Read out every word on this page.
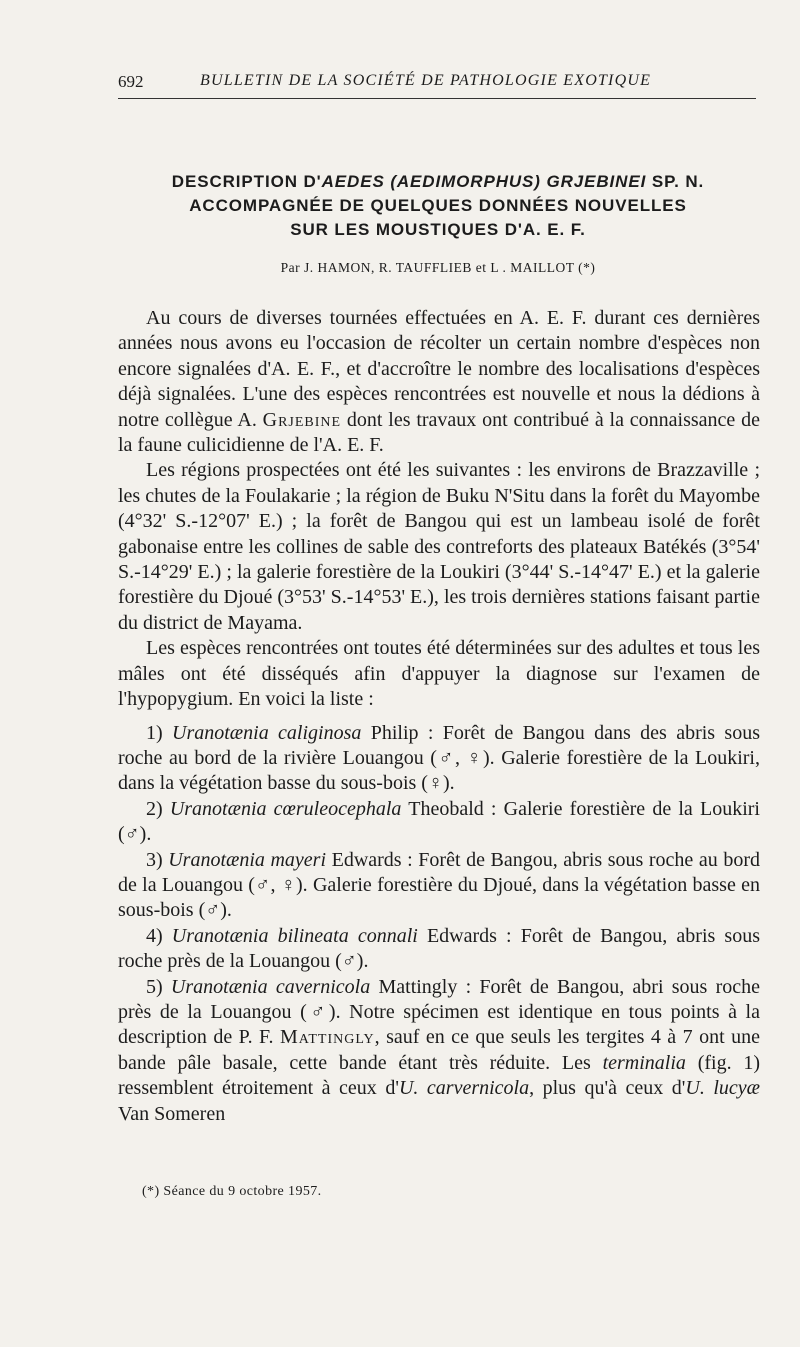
692	BULLETIN DE LA SOCIÉTÉ DE PATHOLOGIE EXOTIQUE
DESCRIPTION D'AEDES (AEDIMORPHUS) GRJEBINEI SP. N.
ACCOMPAGNÉE DE QUELQUES DONNÉES NOUVELLES
SUR LES MOUSTIQUES D'A. E. F.
Par J. HAMON, R. TAUFFLIEB et L . MAILLOT (*)

Au cours de diverses tournées effectuées en A. E. F. durant ces dernières années nous avons eu l'occasion de récolter un certain nombre d'espèces non encore signalées d'A. E. F., et d'accroître le nombre des localisations d'espèces déjà signalées. L'une des espèces rencontrées est nouvelle et nous la dédions à notre collègue A. Grjebine dont les travaux ont contribué à la connaissance de la faune culicidienne de l'A. E. F.

Les régions prospectées ont été les suivantes : les environs de Brazzaville ; les chutes de la Foulakarie ; la région de Buku N'Situ dans la forêt du Mayombe (4°32' S.-12°07' E.) ; la forêt de Bangou qui est un lambeau isolé de forêt gabonaise entre les collines de sable des contreforts des plateaux Batékés (3°54' S.-14°29' E.) ; la galerie forestière de la Loukiri (3°44' S.-14°47' E.) et la galerie forestière du Djoué (3°53' S.-14°53' E.), les trois dernières stations faisant partie du district de Mayama.

Les espèces rencontrées ont toutes été déterminées sur des adultes et tous les mâles ont été disséqués afin d'appuyer la diagnose sur l'examen de l'hypopygium. En voici la liste :

1) Uranotænia caliginosa Philip : Forêt de Bangou dans des abris sous roche au bord de la rivière Louangou (♂, ♀). Galerie forestière de la Loukiri, dans la végétation basse du sous-bois (♀).

2) Uranotænia cœruleocephala Theobald : Galerie forestière de la Loukiri (♂).

3) Uranotænia mayeri Edwards : Forêt de Bangou, abris sous roche au bord de la Louangou (♂, ♀). Galerie forestière du Djoué, dans la végétation basse en sous-bois (♂).

4) Uranotænia bilineata connali Edwards : Forêt de Bangou, abris sous roche près de la Louangou (♂).

5) Uranotænia cavernicola Mattingly : Forêt de Bangou, abri sous roche près de la Louangou (♂). Notre spécimen est identique en tous points à la description de P. F. Mattingly, sauf en ce que seuls les tergites 4 à 7 ont une bande pâle basale, cette bande étant très réduite. Les terminalia (fig. 1) ressemblent étroitement à ceux d'U. carvernicola, plus qu'à ceux d'U. lucyæ Van Someren

(*) Séance du 9 octobre 1957.
